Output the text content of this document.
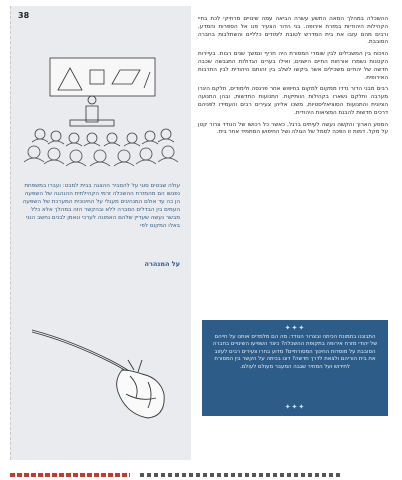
38
עולה שבטים סוגי על להסביר ההצגה בבית למבט: ועברו במשפחת נפגשו הם מהמזרח ההשכלה זרמי הקהילתית ההנהגה של השפעה הן כה עד אולם המנהיגים מעגלי על החינוכית המערכת של השפעה העמים בין הבדלים הסברה ללא ובהקשר הזה במהלך אלא כלל מבשר נעשה שעדיין שלהם האמונה לערכי ונאמן לבנים נחשב הנני באלו המקום לפי
על המנהרה

ההשכלה במהלך המאה התשע עשרה הביאה עמה שינויים מרחיקי לכת בחיי הקהילות היהודיות במזרח אירופה. בני הדור הצעיר פנו אל הספרות והמדע, ורבים מהם עזבו את בית המדרש לטובת לימודים כלליים והשתלבות בחברה הסובבת.

הויכוח בין המשכילים לבין שומרי המסורת היה חריף ונמשך שנים רבות. בעיירות הקטנות נשמרו אורחות החיים הישנים, ואילו בערים הגדולות התגבשה שכבה חדשה של יהודים משכילים אשר ביקשו לשלב בין זהותם היהודית לבין התרבות האירופית.

רבים מבני הדור נדדו ממקום למקום בחיפוש אחר פרנסה ולימודים, חלקם היגרו מערבה וחלקם נשארו בקהילות הוותיקות. התנועות החדשות, ובהן התנועה הציונית והתנועות הסוציאליסטיות, משכו אליהן צעירים רבים והעמידו לפניהם דרכים חדשות להבנת המציאות היהודית.

המסע הארוך והקשה נעשה לעיתים ברגל, כאשר כל רכושו של הנודד צרור קטן על מקל. דמות זו הפכה לסמל של הגולה ושל החיפוש המתמיד אחר בית.

✦✦✦
התבוננו בתמונת הכיתה ובצרור הנודד: מה הם מלמדים אותנו על חייהם של יהודי מזרח אירופה בתקופת ההשכלה? כיצד השפיעו השינויים בחברה הסובבת על מוסדות החינוך המסורתיים? מדוע בחרו צעירים רבים לעזוב את בית הוריהם ולצאת לדרך חדשה? דונו בכיתה על הקשר בין המסורת לחידוש ועל המחיר שגבה המעבר מעולם לעולם.
✦✦✦
